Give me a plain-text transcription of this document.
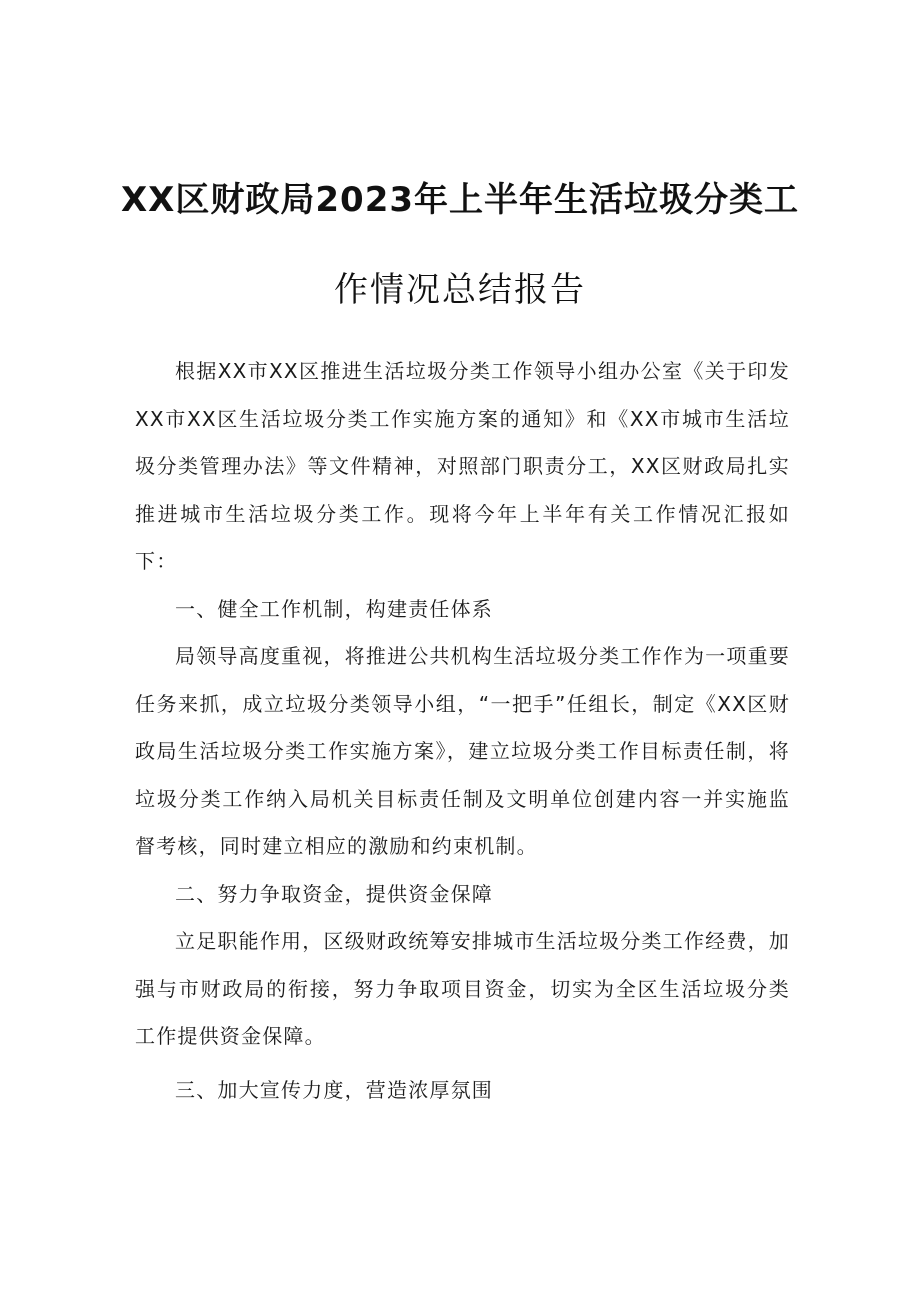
XX区财政局2023年上半年生活垃圾分类工
作情况总结报告

根据XX市XX区推进生活垃圾分类工作领导小组办公室《关于印发XX市XX区生活垃圾分类工作实施方案的通知》和《XX市城市生活垃圾分类管理办法》等文件精神，对照部门职责分工，XX区财政局扎实推进城市生活垃圾分类工作。现将今年上半年有关工作情况汇报如下：

一、健全工作机制，构建责任体系

局领导高度重视，将推进公共机构生活垃圾分类工作作为一项重要任务来抓，成立垃圾分类领导小组，“一把手”任组长，制定《XX区财政局生活垃圾分类工作实施方案》，建立垃圾分类工作目标责任制，将垃圾分类工作纳入局机关目标责任制及文明单位创建内容一并实施监督考核，同时建立相应的激励和约束机制。

二、努力争取资金，提供资金保障

立足职能作用，区级财政统筹安排城市生活垃圾分类工作经费，加强与市财政局的衔接，努力争取项目资金，切实为全区生活垃圾分类工作提供资金保障。

三、加大宣传力度，营造浓厚氛围
